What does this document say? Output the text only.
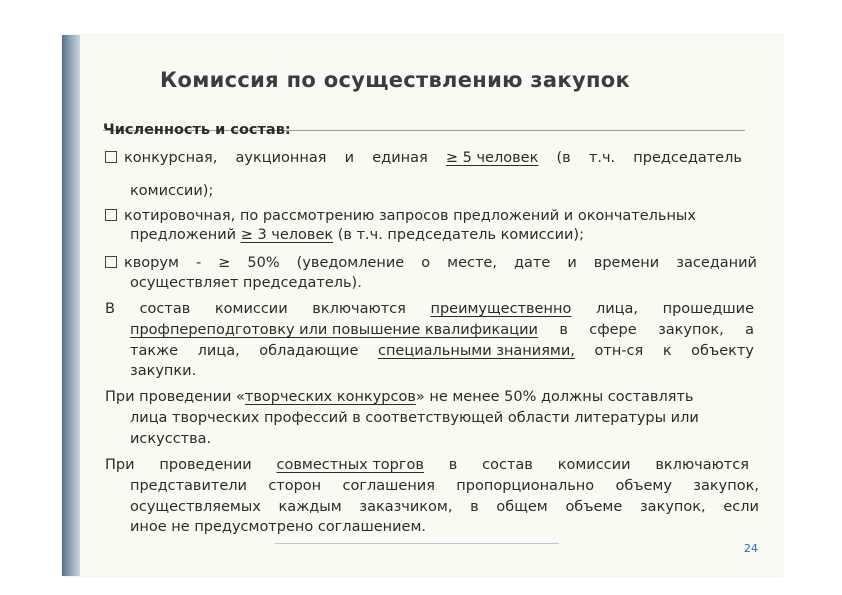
Комиссия по осуществлению закупок
Численность и состав:
конкурсная, аукционная и единая ≥ 5 человек (в т.ч. председатель
комиссии);
котировочная, по рассмотрению запросов предложений и окончательных
предложений ≥ 3 человек (в т.ч. председатель комиссии);
кворум - ≥ 50% (уведомление о месте, дате и времени заседаний
осуществляет председатель).
В состав комиссии включаются преимущественно лица, прошедшие
профпереподготовку или повышение квалификации в сфере закупок, а
также лица, обладающие специальными знаниями, отн-ся к объекту
закупки.
При проведении «творческих конкурсов» не менее 50% должны составлять
лица творческих профессий в соответствующей области литературы или
искусства.
При проведении совместных торгов в состав комиссии включаются
представители сторон соглашения пропорционально объему закупок,
осуществляемых каждым заказчиком, в общем объеме закупок, если
иное не предусмотрено соглашением.
24
